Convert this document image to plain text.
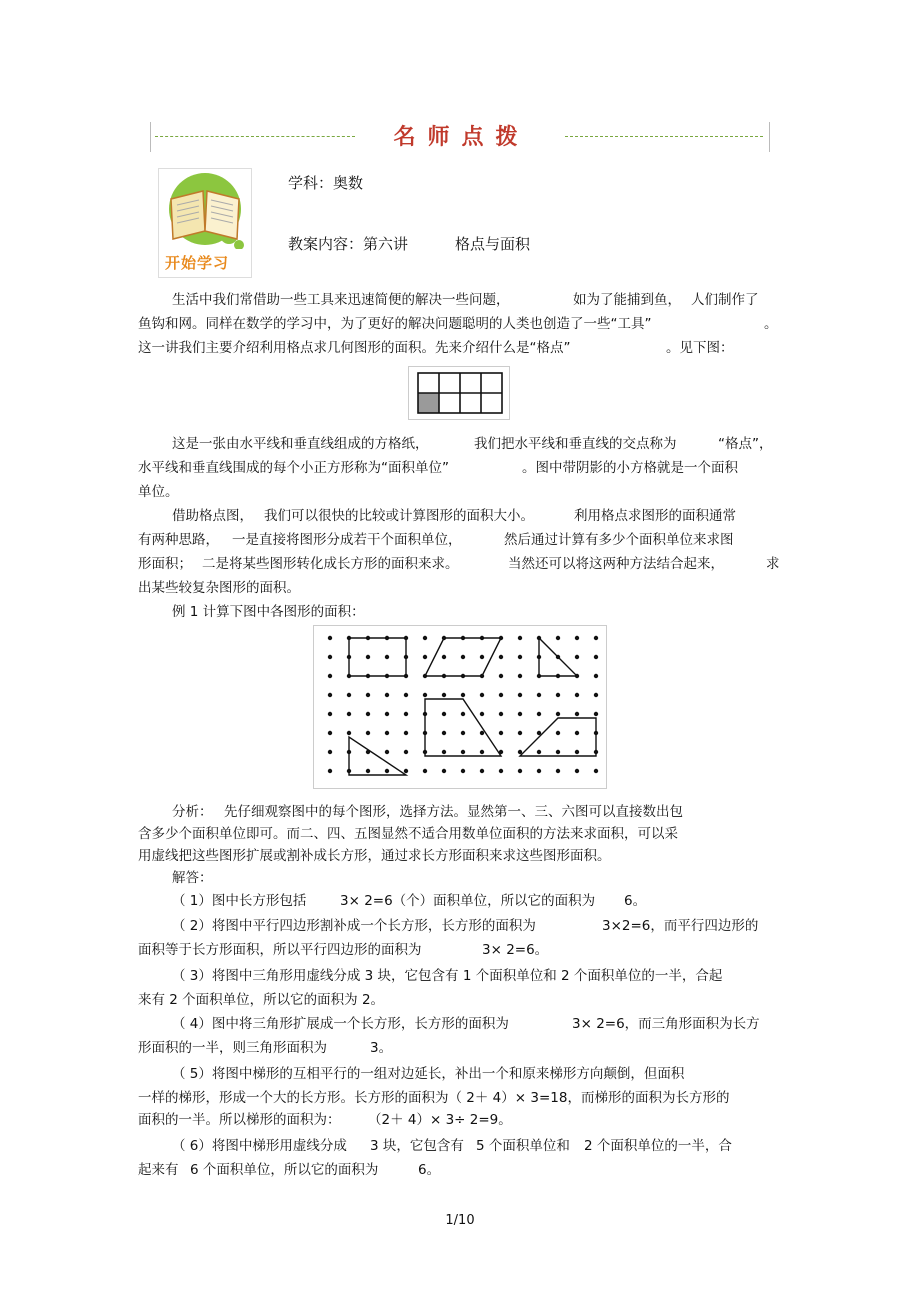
名师点拨
开始学习
学科：奥数
教案内容：第六讲	格点与面积
生活中我们常借助一些工具来迅速简便的解决一些问题，	如为了能捕到鱼， 人们制作了
鱼钩和网。同样在数学的学习中，为了更好的解决问题聪明的人类也创造了一些“工具”	。
这一讲我们主要介绍利用格点求几何图形的面积。先来介绍什么是“格点”	。见下图：
这是一张由水平线和垂直线组成的方格纸，	我们把水平线和垂直线的交点称为	“格点”，
水平线和垂直线围成的每个小正方形称为“面积单位”	。图中带阴影的小方格就是一个面积
单位。
借助格点图， 我们可以很快的比较或计算图形的面积大小。	利用格点求图形的面积通常
有两种思路， 一是直接将图形分成若干个面积单位，	然后通过计算有多少个面积单位来求图
形面积； 二是将某些图形转化成长方形的面积来求。	当然还可以将这两种方法结合起来，	求
出某些较复杂图形的面积。
例 1 计算下图中各图形的面积：
分析： 先仔细观察图中的每个图形，选择方法。显然第一、三、六图可以直接数出包
含多少个面积单位即可。而二、四、五图显然不适合用数单位面积的方法来求面积，可以采
用虚线把这些图形扩展或割补成长方形，通过求长方形面积来求这些图形面积。
解答：
（ 1）图中长方形包括 3× 2=6（个）面积单位，所以它的面积为 6。
（ 2）将图中平行四边形割补成一个长方形，长方形的面积为	3×2=6，而平行四边形的
面积等于长方形面积，所以平行四边形的面积为	3× 2=6。
（ 3）将图中三角形用虚线分成 3 块，它包含有 1 个面积单位和 2 个面积单位的一半，合起
来有 2 个面积单位，所以它的面积为 2。
（ 4）图中将三角形扩展成一个长方形，长方形的面积为	3× 2=6，而三角形面积为长方
形面积的一半，则三角形面积为	3。
（ 5）将图中梯形的互相平行的一组对边延长，补出一个和原来梯形方向颠倒，但面积
一样的梯形，形成一个大的长方形。长方形的面积为（ 2＋ 4）× 3=18，而梯形的面积为长方形的
面积的一半。所以梯形的面积为： （2＋ 4）× 3÷ 2=9。
（ 6）将图中梯形用虚线分成 3 块，它包含有 5 个面积单位和 2 个面积单位的一半，合
起来有 6 个面积单位，所以它的面积为	6。
1/10
